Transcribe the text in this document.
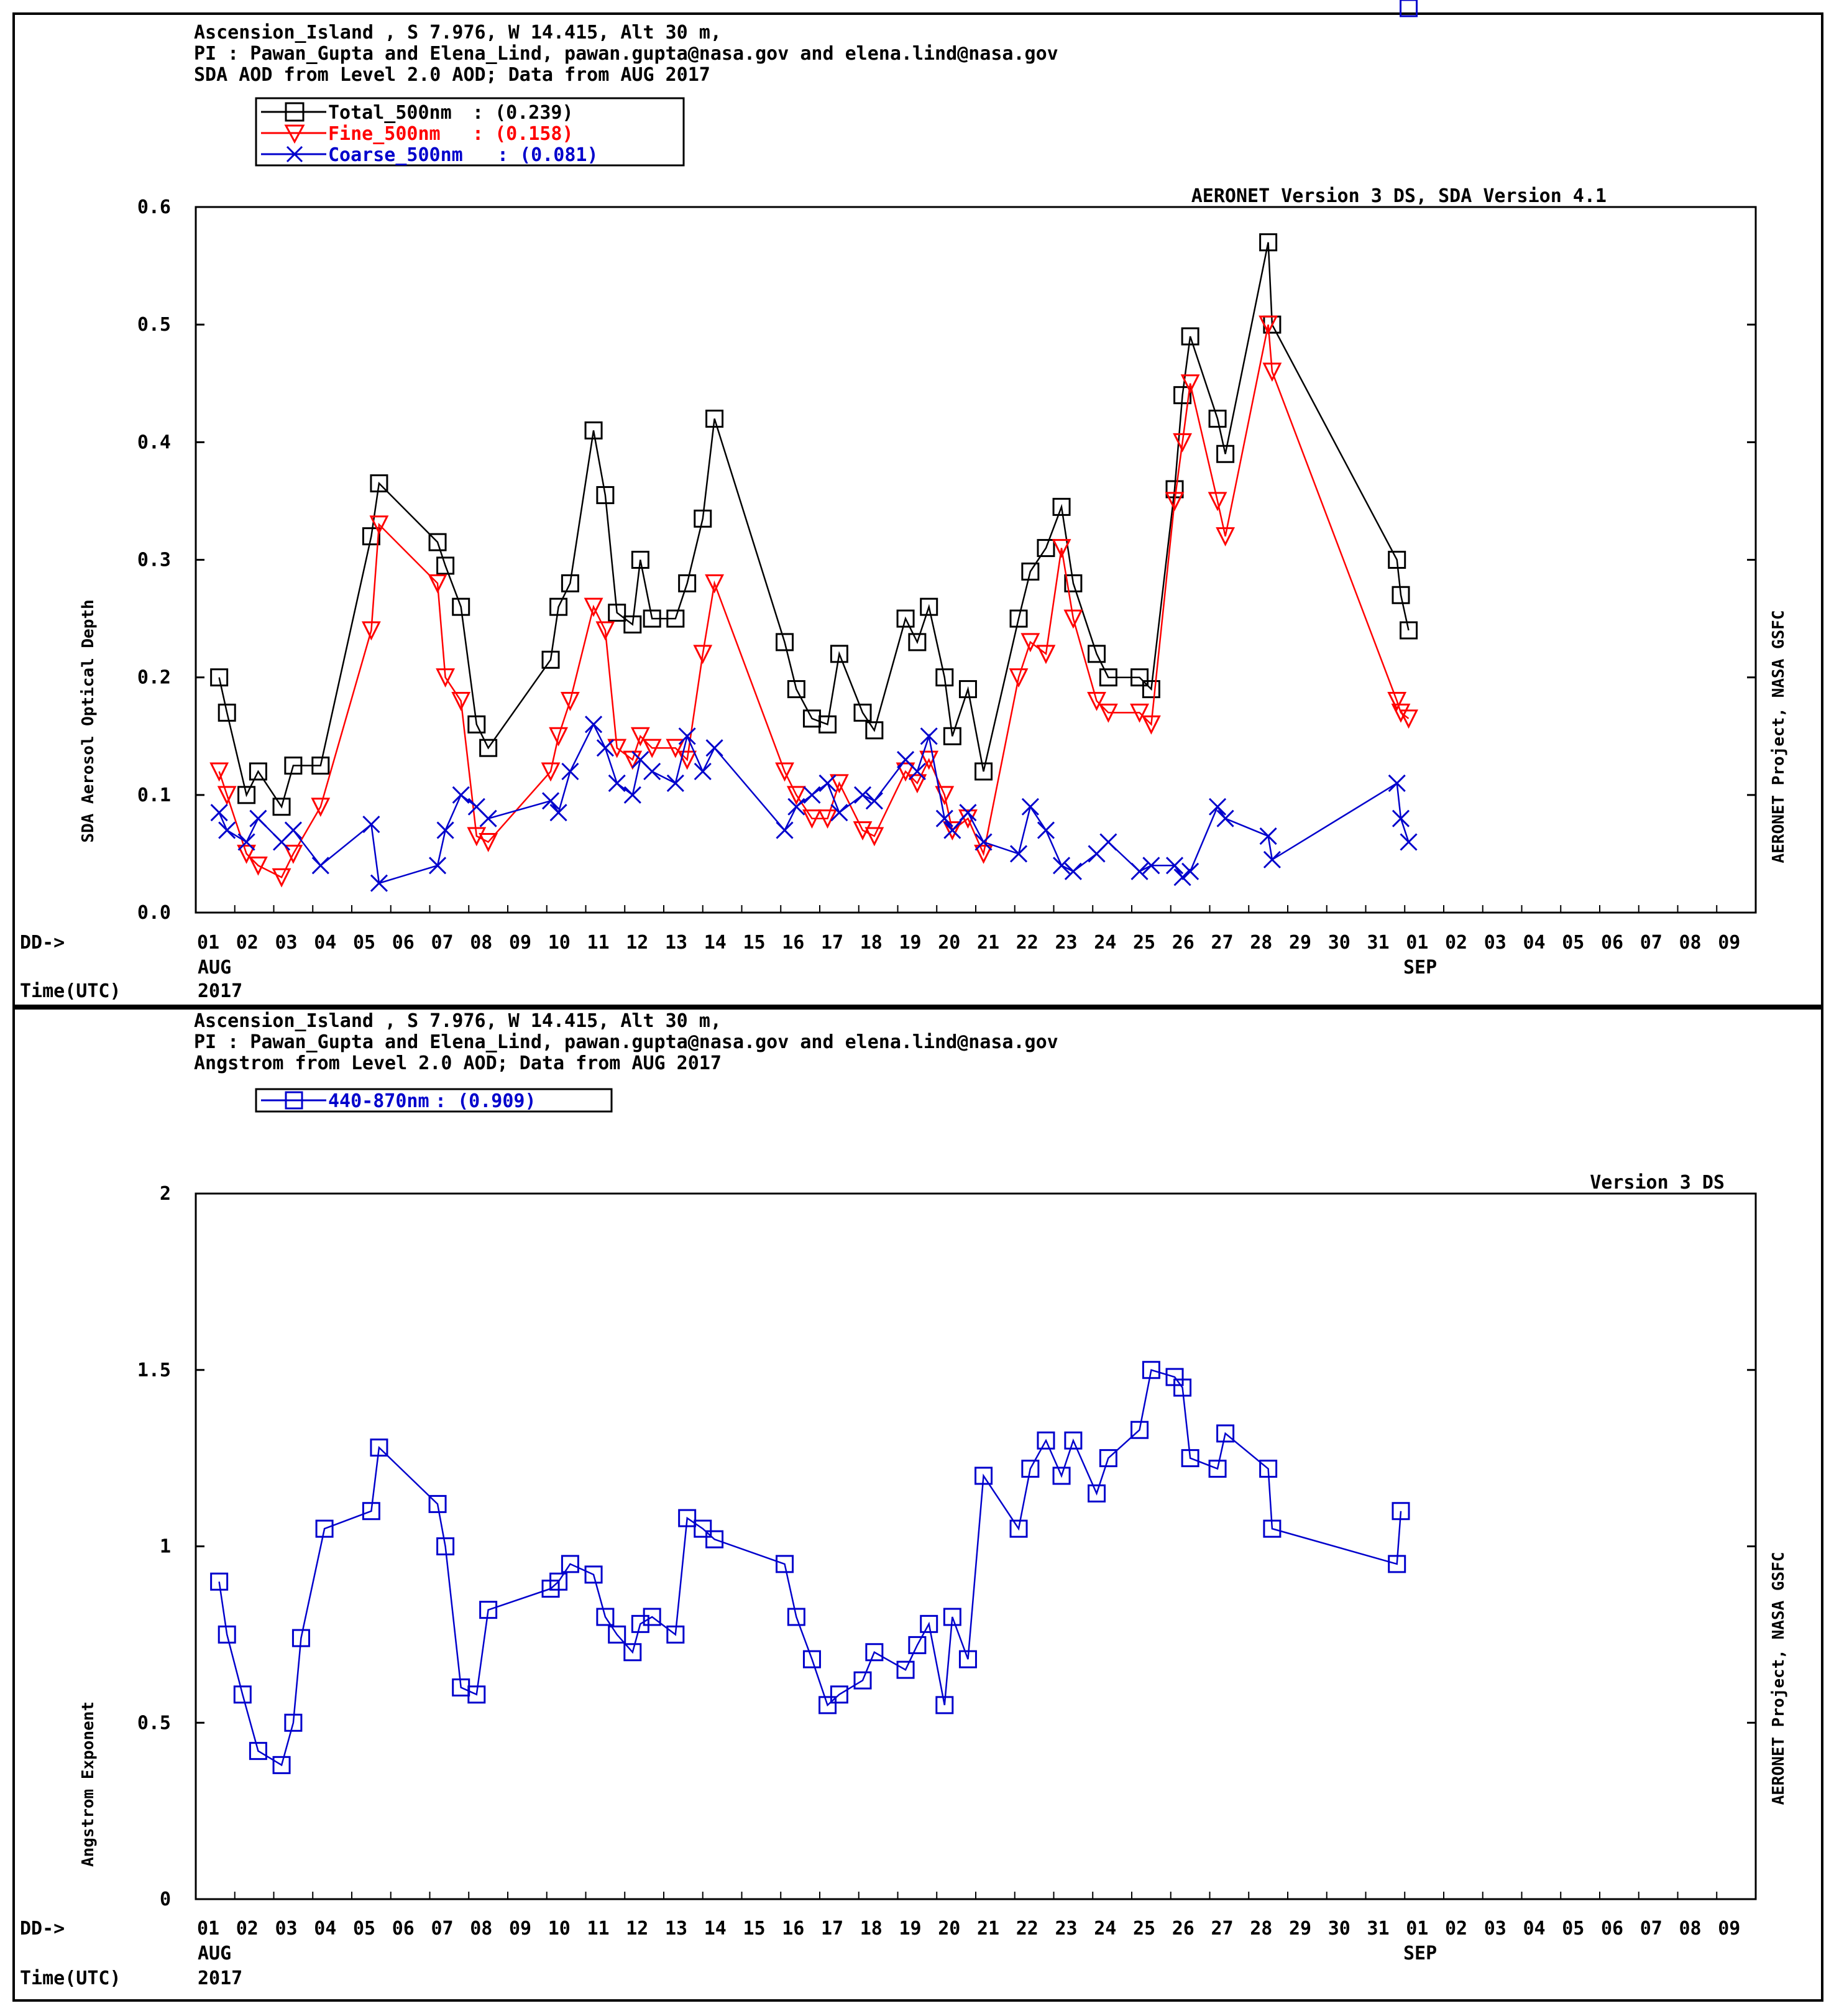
Ascension_Island , S 7.976, W 14.415, Alt 30 m,
PI : Pawan_Gupta and Elena_Lind, pawan.gupta@nasa.gov and elena.lind@nasa.gov
SDA AOD from Level 2.0 AOD; Data from AUG 2017
Total_500nm : (0.239)
Fine_500nm : (0.158)
Coarse_500nm : (0.081)
AERONET Version 3 DS, SDA Version 4.1
SDA Aerosol Optical Depth	AERONET Project, NASA GSFC
0.0
0.1
0.2
0.3
0.4
0.5
0.6
01 02 03 04 05 06 07 08 09 10 11 12 13 14 15 16 17 18 19 20 21 22 23 24 25 26 27 28 29 30 31 01 02 03 04 05 06 07 08 09
DD->
AUG	SEP
Time(UTC)	2017
Ascension_Island , S 7.976, W 14.415, Alt 30 m,
PI : Pawan_Gupta and Elena_Lind, pawan.gupta@nasa.gov and elena.lind@nasa.gov
Angstrom from Level 2.0 AOD; Data from AUG 2017
440-870nm : (0.909)
Version 3 DS
Angstrom Exponent	AERONET Project, NASA GSFC
0
0.5
1
1.5
2
01 02 03 04 05 06 07 08 09 10 11 12 13 14 15 16 17 18 19 20 21 22 23 24 25 26 27 28 29 30 31 01 02 03 04 05 06 07 08 09
DD->
AUG	SEP
Time(UTC)	2017
